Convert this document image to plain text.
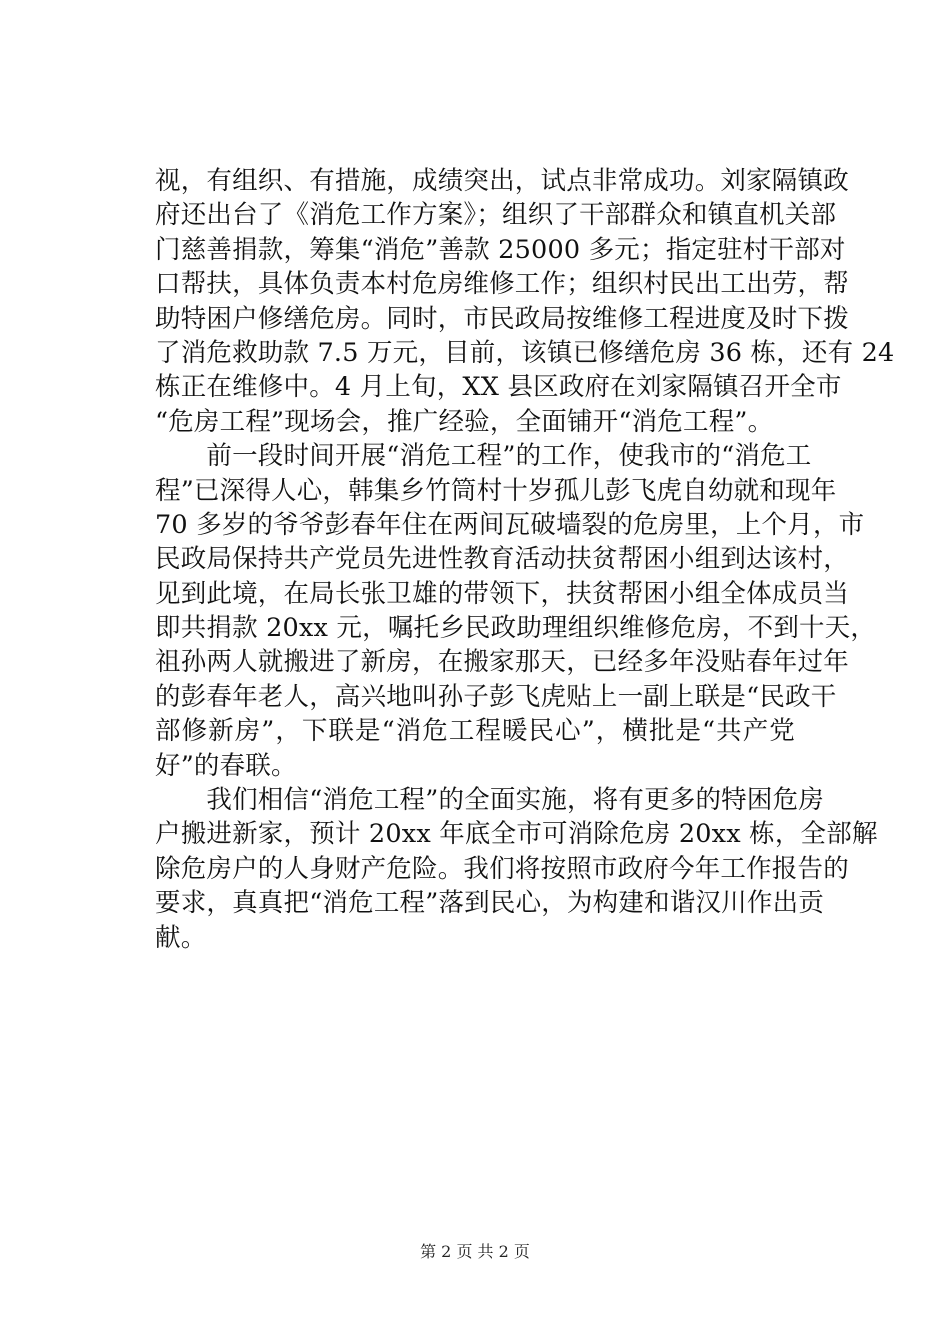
视，有组织、有措施，成绩突出，试点非常成功。刘家隔镇政
府还出台了《消危工作方案》；组织了干部群众和镇直机关部
门慈善捐款，筹集“消危”善款 25000 多元；指定驻村干部对
口帮扶，具体负责本村危房维修工作；组织村民出工出劳，帮
助特困户修缮危房。同时，市民政局按维修工程进度及时下拨
了消危救助款 7.5 万元，目前，该镇已修缮危房 36 栋，还有 24
栋正在维修中。4 月上旬，XX 县区政府在刘家隔镇召开全市
“危房工程”现场会，推广经验，全面铺开“消危工程”。
　　前一段时间开展“消危工程”的工作，使我市的“消危工
程”已深得人心，韩集乡竹筒村十岁孤儿彭飞虎自幼就和现年
70 多岁的爷爷彭春年住在两间瓦破墙裂的危房里，上个月，市
民政局保持共产党员先进性教育活动扶贫帮困小组到达该村，
见到此境，在局长张卫雄的带领下，扶贫帮困小组全体成员当
即共捐款 20xx 元，嘱托乡民政助理组织维修危房，不到十天，
祖孙两人就搬进了新房，在搬家那天，已经多年没贴春年过年
的彭春年老人，高兴地叫孙子彭飞虎贴上一副上联是“民政干
部修新房”，下联是“消危工程暖民心”，横批是“共产党
好”的春联。
　　我们相信“消危工程”的全面实施，将有更多的特困危房
户搬进新家，预计 20xx 年底全市可消除危房 20xx 栋，全部解
除危房户的人身财产危险。我们将按照市政府今年工作报告的
要求，真真把“消危工程”落到民心，为构建和谐汉川作出贡
献。
第 2 页 共 2 页
